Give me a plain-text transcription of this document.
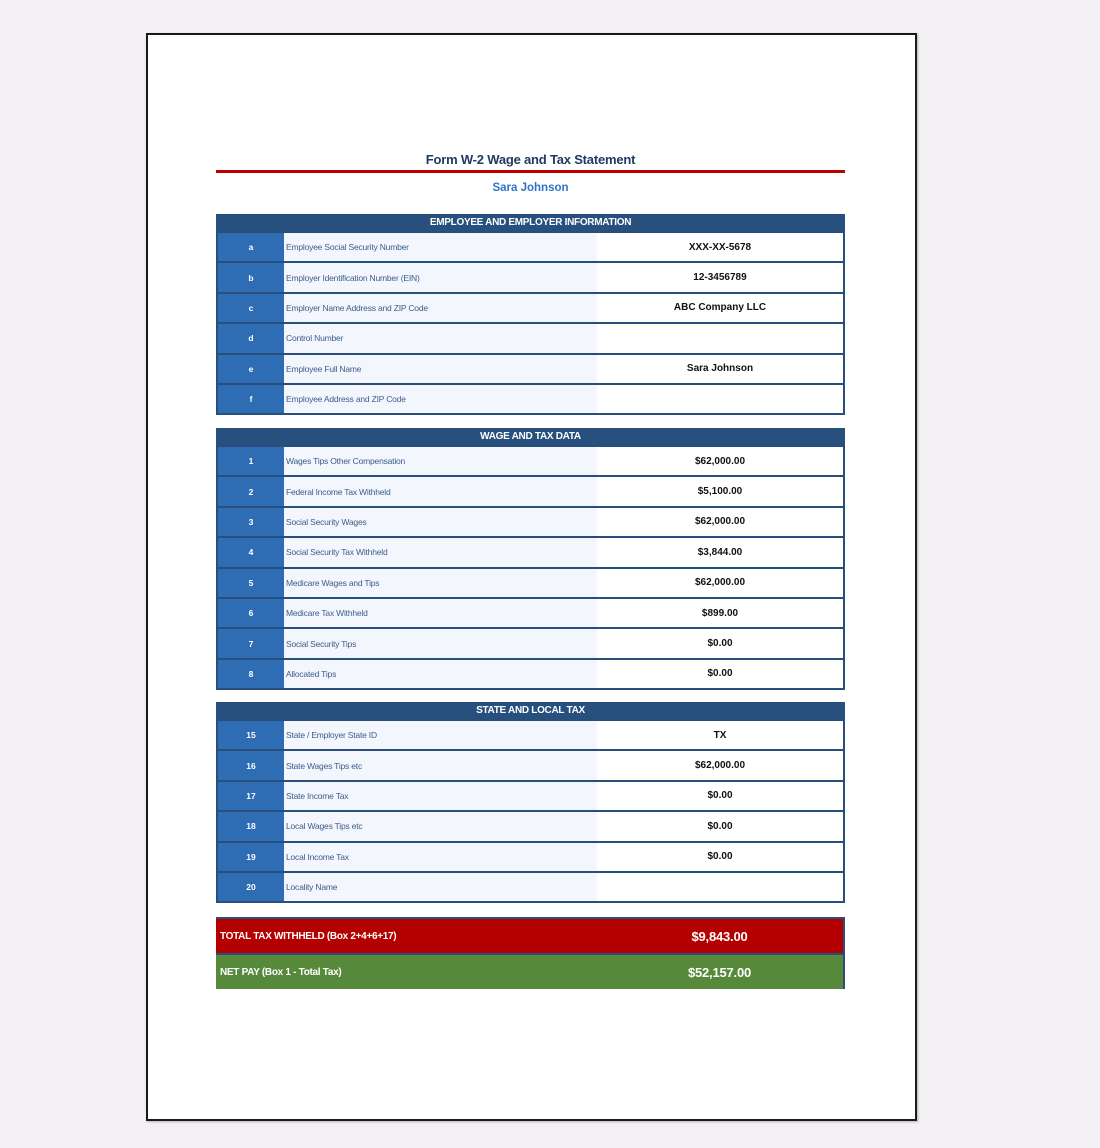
Form W-2 Wage and Tax Statement
Sara Johnson
EMPLOYEE AND EMPLOYER INFORMATION
a	Employee Social Security Number	XXX-XX-5678
b	Employer Identification Number (EIN)	12-3456789
c	Employer Name Address and ZIP Code	ABC Company LLC
d	Control Number
e	Employee Full Name	Sara Johnson
f	Employee Address and ZIP Code
WAGE AND TAX DATA
1	Wages Tips Other Compensation	$62,000.00
2	Federal Income Tax Withheld	$5,100.00
3	Social Security Wages	$62,000.00
4	Social Security Tax Withheld	$3,844.00
5	Medicare Wages and Tips	$62,000.00
6	Medicare Tax Withheld	$899.00
7	Social Security Tips	$0.00
8	Allocated Tips	$0.00
STATE AND LOCAL TAX
15	State / Employer State ID	TX
16	State Wages Tips etc	$62,000.00
17	State Income Tax	$0.00
18	Local Wages Tips etc	$0.00
19	Local Income Tax	$0.00
20	Locality Name
TOTAL TAX WITHHELD (Box 2+4+6+17)	$9,843.00
NET PAY (Box 1 - Total Tax)	$52,157.00
